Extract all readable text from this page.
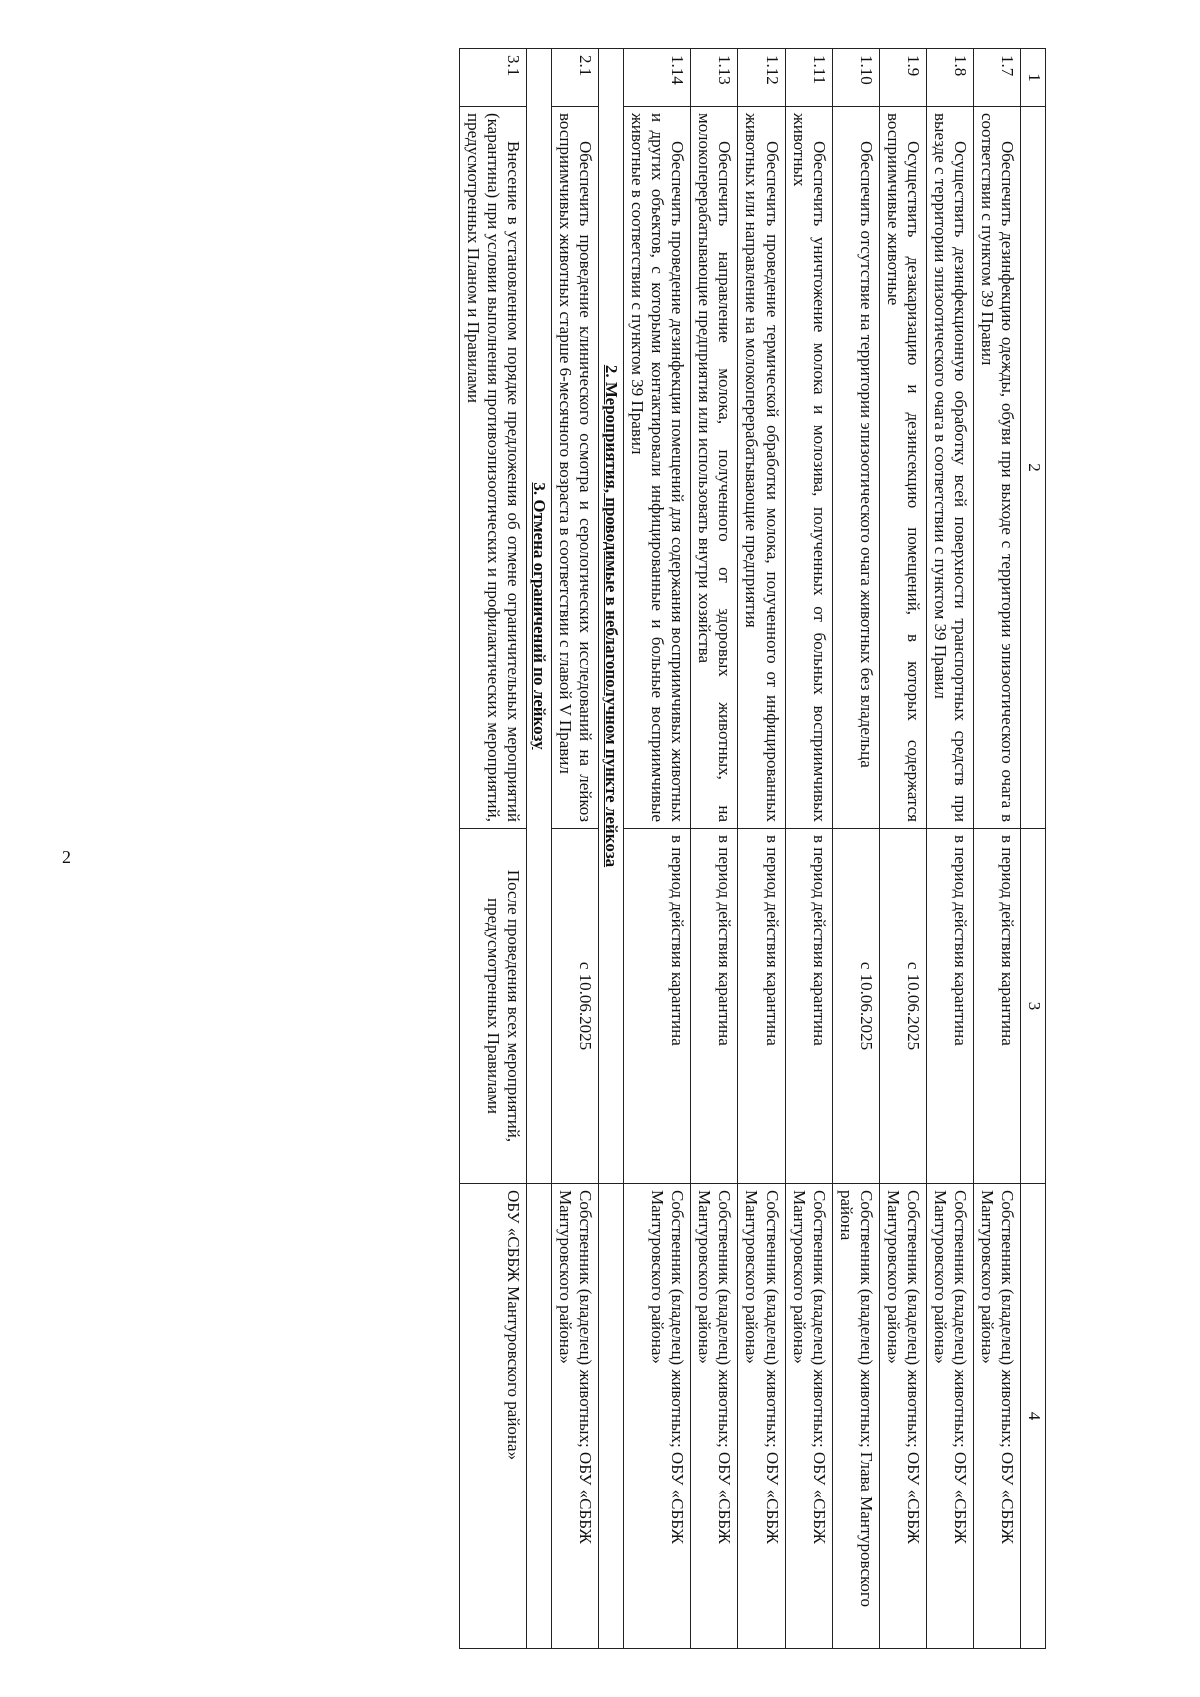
2
1	2	3	4
1.7	Обеспечить дезинфекцию одежды, обуви при выходе с территории эпизоотического очага в соответствии с пунктом 39 Правил	в период действия карантина	Собственник (владелец) животных; ОБУ «СББЖ Мантуровского района»
1.8	Осуществить дезинфекционную обработку всей поверхности транспортных средств при выезде с территории эпизоотического очага в соответствии с пунктом 39 Правил	в период действия карантина	Собственник (владелец) животных; ОБУ «СББЖ Мантуровского района»
1.9	Осуществить дезакаризацию и дезинсекцию помещений, в которых содержатся восприимчивые животные	с 10.06.2025	Собственник (владелец) животных; ОБУ «СББЖ Мантуровского района»
1.10	Обеспечить отсутствие на территории эпизоотического очага животных без владельца	с 10.06.2025	Собственник (владелец) животных; Глава Мантуровского района
1.11	Обеспечить уничтожение молока и молозива, полученных от больных восприимчивых животных	в период действия карантина	Собственник (владелец) животных; ОБУ «СББЖ Мантуровского района»
1.12	Обеспечить проведение термической обработки молока, полученного от инфицированных животных или направление на молокоперерабатывающие предприятия	в период действия карантина	Собственник (владелец) животных; ОБУ «СББЖ Мантуровского района»
1.13	Обеспечить направление молока, полученного от здоровых животных, на молокоперерабатывающие предприятия или использовать внутри хозяйства	в период действия карантина	Собственник (владелец) животных; ОБУ «СББЖ Мантуровского района»
1.14	Обеспечить проведение дезинфекции помещений для содержания восприимчивых животных и других объектов, с которыми контактировали инфицированные и больные восприимчивые животные в соответствии с пунктом 39 Правил	в период действия карантина	Собственник (владелец) животных; ОБУ «СББЖ Мантуровского района»
2. Мероприятия, проводимые в неблагополучном пункте лейкоза			
2.1	Обеспечить проведение клинического осмотра и серологических исследований на лейкоз восприимчивых животных старше 6-месячного возраста в соответствии с главой V Правил	с 10.06.2025	Собственник (владелец) животных; ОБУ «СББЖ Мантуровского района»
3. Отмена ограничений по лейкозу			
3.1	Внесение в установленном порядке предложения об отмене ограничительных мероприятий (карантина) при условии выполнения противоэпизоотических и профилактических мероприятий, предусмотренных Планом и Правилами	После проведения всех мероприятий, предусмотренных Правилами	ОБУ «СББЖ Мантуровского района»
